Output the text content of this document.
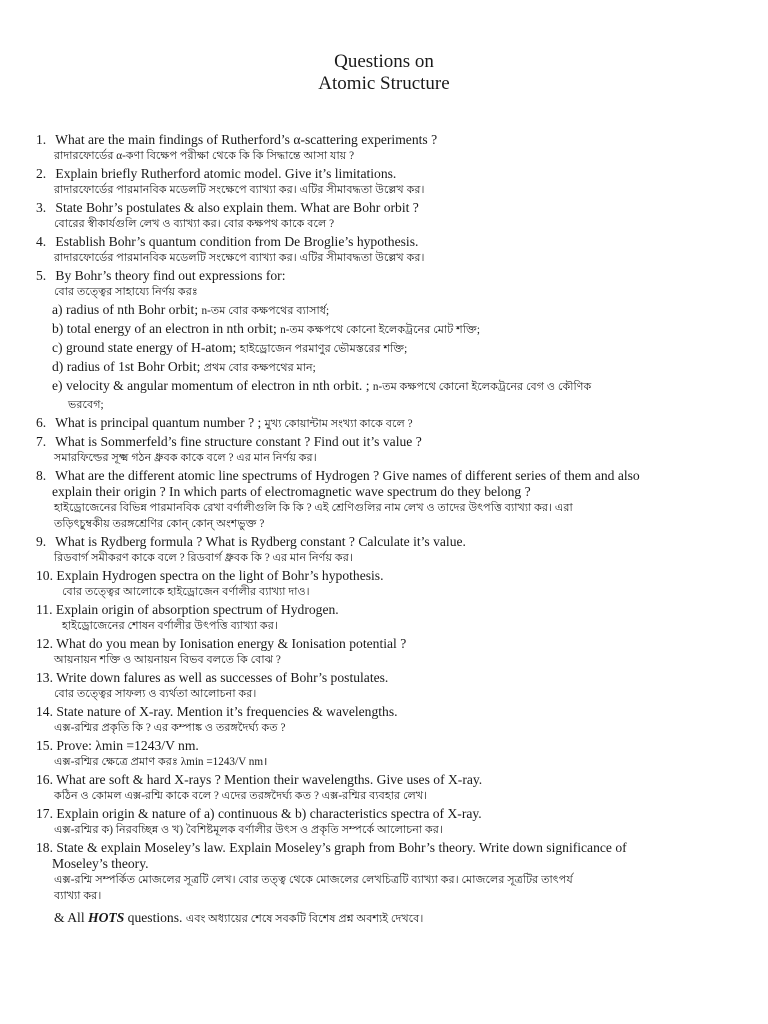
Questions on
Atomic Structure
1. What are the main findings of Rutherford’s α-scattering experiments ?
রাদারফোর্ডের α-কণা বিক্ষেপ পরীক্ষা থেকে কি কি সিদ্ধান্তে আসা যায় ?
2. Explain briefly Rutherford atomic model. Give it’s limitations.
রাদারফোর্ডের পারমানবিক মডেলটি সংক্ষেপে ব্যাখ্যা কর। এটির সীমাবদ্ধতা উল্লেখ কর।
3. State Bohr’s postulates & also explain them. What are Bohr orbit ?
বোরের স্বীকার্যগুলি লেখ ও ব্যাখ্যা কর। বোর কক্ষপথ কাকে বলে ?
4. Establish Bohr’s quantum condition from De Broglie’s hypothesis.
রাদারফোর্ডের পারমানবিক মডেলটি সংক্ষেপে ব্যাখ্যা কর। এটির সীমাবদ্ধতা উল্লেখ কর।
5. By Bohr’s theory find out expressions for:
বোর তত্ত্বের সাহায্যে নির্ণয় করঃ
a) radius of nth Bohr orbit; n-তম বোর কক্ষপথের ব্যাসার্ধ;
b) total energy of an electron in nth orbit; n-তম কক্ষপথে কোনো ইলেকট্রনের মোট শক্তি;
c) ground state energy of H-atom; হাইড্রোজেন পরমাণুর ভৌমস্তরের শক্তি;
d) radius of 1st Bohr Orbit; প্রথম বোর কক্ষপথের মান;
e) velocity & angular momentum of electron in nth orbit. ; n-তম কক্ষপথে কোনো ইলেকট্রনের বেগ ও কৌণিক
ভরবেগ;
6. What is principal quantum number ? ; মুখ্য কোয়ান্টাম সংখ্যা কাকে বলে ?
7. What is Sommerfeld’s fine structure constant ? Find out it’s value ?
সমারফিল্ডের সূক্ষ্ম গঠন ধ্রুবক কাকে বলে ? এর মান নির্ণয় কর।
8. What are the different atomic line spectrums of Hydrogen ? Give names of different series of them and also
explain their origin ? In which parts of electromagnetic wave spectrum do they belong ?
হাইড্রোজেনের বিভিন্ন পারমানবিক রেখা বর্ণালীগুলি কি কি ? এই শ্রেণিগুলির নাম লেখ ও তাদের উৎপত্তি ব্যাখ্যা কর। এরা
তড়িৎচুম্বকীয় তরঙ্গশ্রেণির কোন্ কোন্ অংশভুক্ত ?
9. What is Rydberg formula ? What is Rydberg constant ? Calculate it’s value.
রিডবার্গ সমীকরণ কাকে বলে ? রিডবার্গ ধ্রুবক কি ? এর মান নির্ণয় কর।
10. Explain Hydrogen spectra on the light of Bohr’s hypothesis.
বোর তত্ত্বের আলোকে হাইড্রোজেন বর্ণালীর ব্যাখ্যা দাও।
11. Explain origin of absorption spectrum of Hydrogen.
হাইড্রোজেনের শোষন বর্ণালীর উৎপত্তি ব্যাখ্যা কর।
12. What do you mean by Ionisation energy & Ionisation potential ?
আয়নায়ন শক্তি ও আয়নায়ন বিভব বলতে কি বোঝ ?
13. Write down falures as well as successes of Bohr’s postulates.
বোর তত্ত্বের সাফল্য ও ব্যর্থতা আলোচনা কর।
14. State nature of X-ray. Mention it’s frequencies & wavelengths.
এক্স-রশ্মির প্রকৃতি কি ? এর কম্পাঙ্ক ও তরঙ্গদৈর্ঘ্য কত ?
15. Prove: λmin =1243/V nm.
এক্স-রশ্মির ক্ষেত্রে প্রমাণ করঃ λmin =1243/V nm।
16. What are soft & hard X-rays ? Mention their wavelengths. Give uses of X-ray.
কঠিন ও কোমল এক্স-রশ্মি কাকে বলে ? এদের তরঙ্গদৈর্ঘ্য কত ? এক্স-রশ্মির ব্যবহার লেখ।
17. Explain origin & nature of a) continuous & b) characteristics spectra of X-ray.
এক্স-রশ্মির ক) নিরবচ্ছিন্ন ও খ) বৈশিষ্টমূলক বর্ণালীর উৎস ও প্রকৃতি সম্পর্কে আলোচনা কর।
18. State & explain Moseley’s law. Explain Moseley’s graph from Bohr’s theory. Write down significance of
Moseley’s theory.
এক্স-রশ্মি সম্পর্কিত মোজলের সূত্রটি লেখ। বোর তত্ত্ব থেকে মোজলের লেখচিত্রটি ব্যাখ্যা কর। মোজলের সূত্রটির তাৎপর্য
ব্যাখ্যা কর।
& All HOTS questions. এবং অধ্যায়ের শেষে সবকটি বিশেষ প্রশ্ন অবশ্যই দেখবে।
